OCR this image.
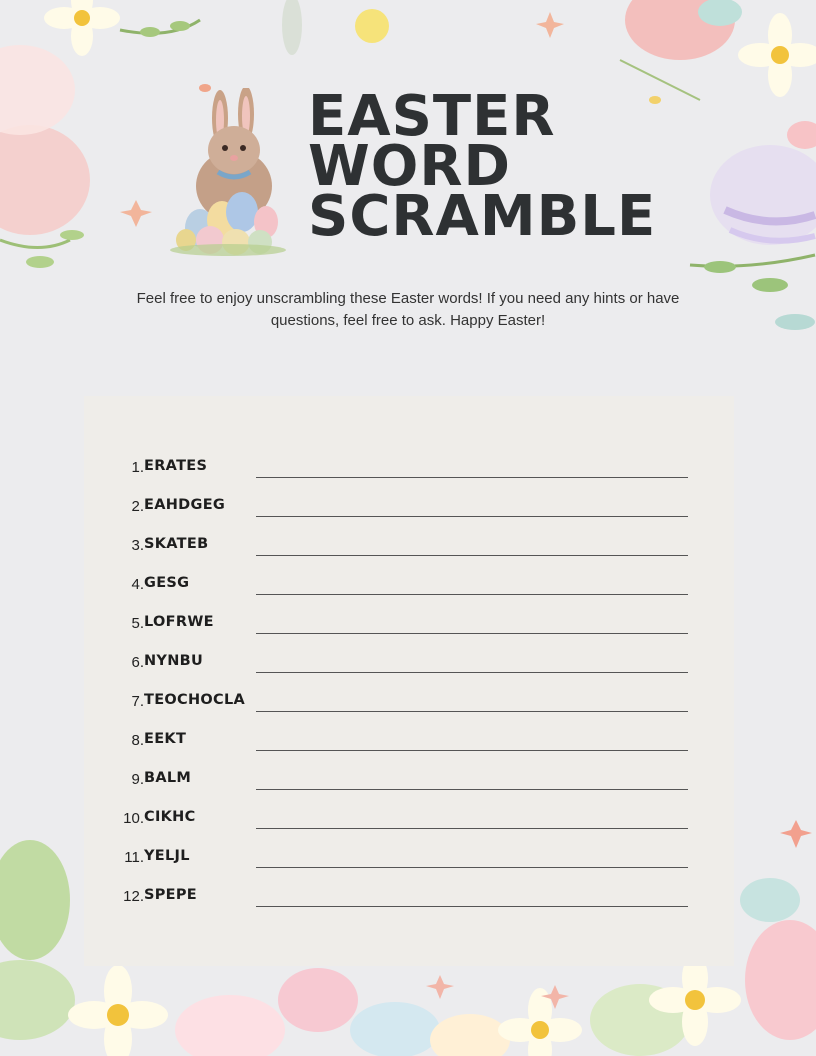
EASTER
WORD
SCRAMBLE

Feel free to enjoy unscrambling these Easter words! If you need any hints or have questions, feel free to ask. Happy Easter!

1. ERATES
2. EAHDGEG
3. SKATEB
4. GESG
5. LOFRWE
6. NYNBU
7. TEOCHOCLA
8. EEKT
9. BALM
10. CIKHC
11. YELJL
12. SPEPE
